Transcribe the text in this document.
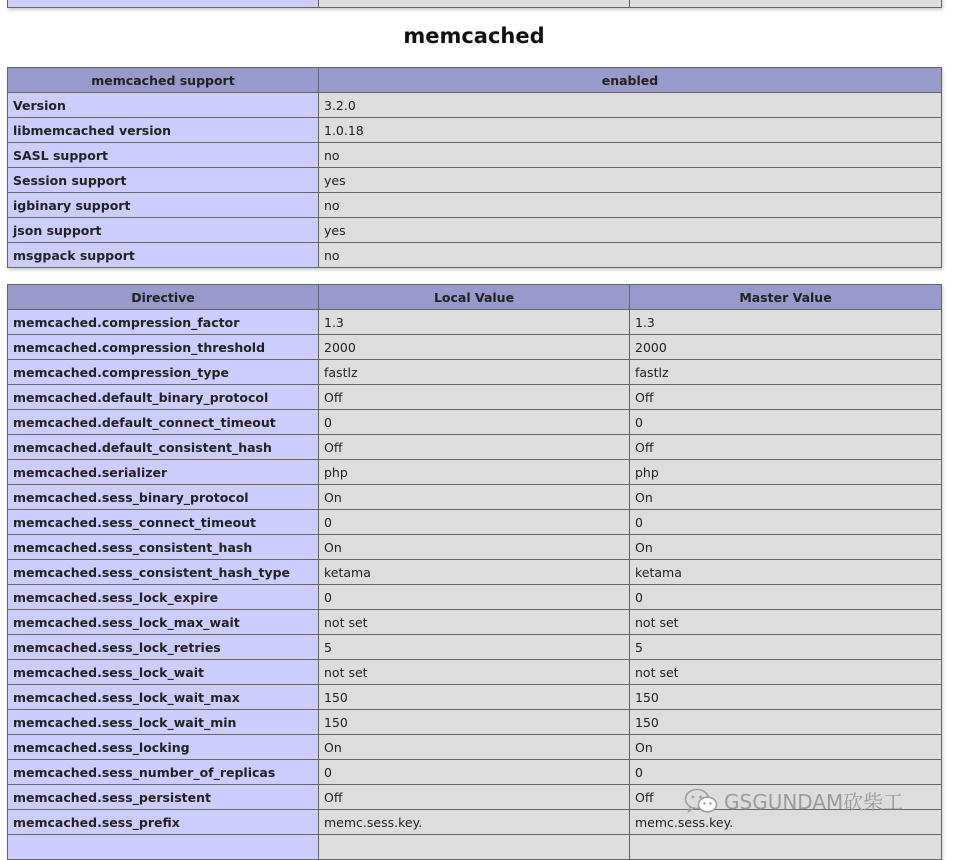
memcached
memcached support	enabled
Version	3.2.0
libmemcached version	1.0.18
SASL support	no
Session support	yes
igbinary support	no
json support	yes
msgpack support	no
Directive	Local Value	Master Value
memcached.compression_factor	1.3	1.3
memcached.compression_threshold	2000	2000
memcached.compression_type	fastlz	fastlz
memcached.default_binary_protocol	Off	Off
memcached.default_connect_timeout	0	0
memcached.default_consistent_hash	Off	Off
memcached.serializer	php	php
memcached.sess_binary_protocol	On	On
memcached.sess_connect_timeout	0	0
memcached.sess_consistent_hash	On	On
memcached.sess_consistent_hash_type	ketama	ketama
memcached.sess_lock_expire	0	0
memcached.sess_lock_max_wait	not set	not set
memcached.sess_lock_retries	5	5
memcached.sess_lock_wait	not set	not set
memcached.sess_lock_wait_max	150	150
memcached.sess_lock_wait_min	150	150
memcached.sess_locking	On	On
memcached.sess_number_of_replicas	0	0
memcached.sess_persistent	Off	Off
memcached.sess_prefix	memc.sess.key.	memc.sess.key.

GSGUNDAM砍柴工
